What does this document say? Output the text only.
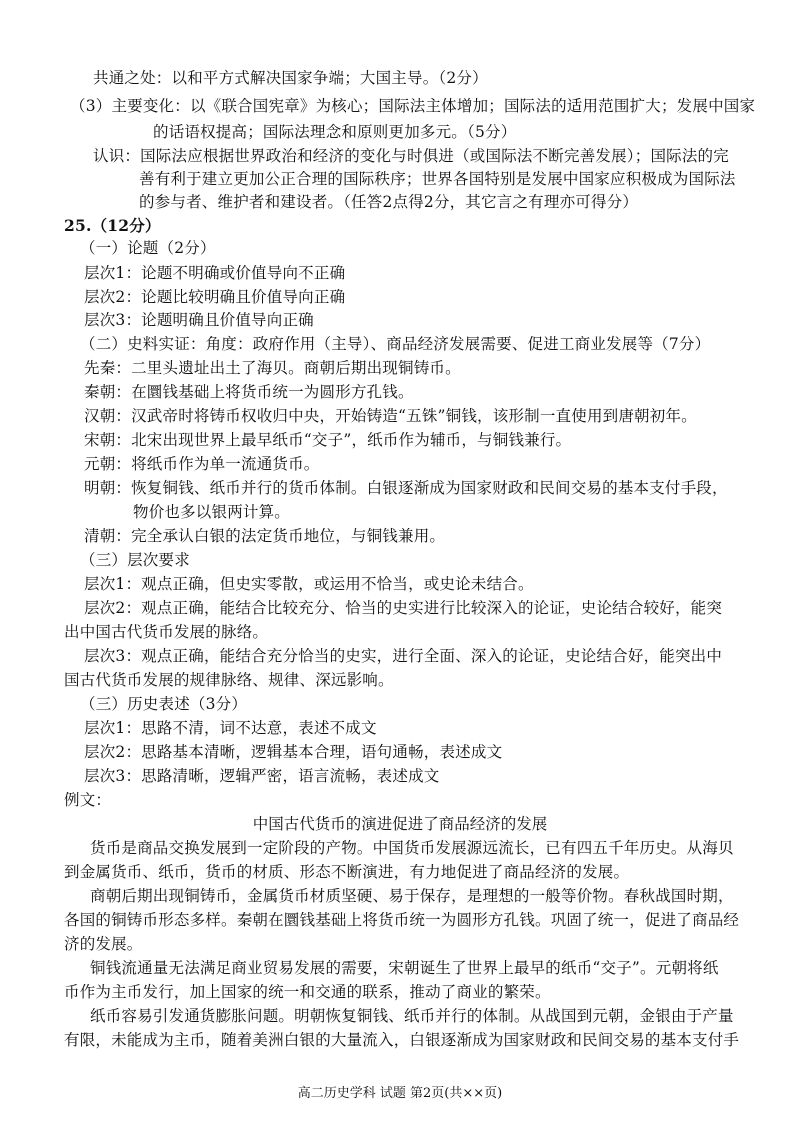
共通之处：以和平方式解决国家争端；大国主导。（2分）
（3）主要变化：以《联合国宪章》为核心；国际法主体增加；国际法的适用范围扩大；发展中国家
的话语权提高；国际法理念和原则更加多元。（5分）
认识：国际法应根据世界政治和经济的变化与时俱进（或国际法不断完善发展）；国际法的完
善有利于建立更加公正合理的国际秩序；世界各国特别是发展中国家应积极成为国际法
的参与者、维护者和建设者。（任答2点得2分，其它言之有理亦可得分）
25.（12分）
（一）论题（2分）
层次1：论题不明确或价值导向不正确
层次2：论题比较明确且价值导向正确
层次3：论题明确且价值导向正确
（二）史料实证：角度：政府作用（主导）、商品经济发展需要、促进工商业发展等（7分）
先秦：二里头遗址出土了海贝。商朝后期出现铜铸币。
秦朝：在圜钱基础上将货币统一为圆形方孔钱。
汉朝：汉武帝时将铸币权收归中央，开始铸造“五铢”铜钱，该形制一直使用到唐朝初年。
宋朝：北宋出现世界上最早纸币“交子”，纸币作为辅币，与铜钱兼行。
元朝：将纸币作为单一流通货币。
明朝：恢复铜钱、纸币并行的货币体制。白银逐渐成为国家财政和民间交易的基本支付手段，
物价也多以银两计算。
清朝：完全承认白银的法定货币地位，与铜钱兼用。
（三）层次要求
层次1：观点正确，但史实零散，或运用不恰当，或史论未结合。
层次2：观点正确，能结合比较充分、恰当的史实进行比较深入的论证，史论结合较好，能突
出中国古代货币发展的脉络。
层次3：观点正确，能结合充分恰当的史实，进行全面、深入的论证，史论结合好，能突出中
国古代货币发展的规律脉络、规律、深远影响。
（三）历史表述（3分）
层次1：思路不清，词不达意，表述不成文
层次2：思路基本清晰，逻辑基本合理，语句通畅，表述成文
层次3：思路清晰，逻辑严密，语言流畅，表述成文
例文：
中国古代货币的演进促进了商品经济的发展
货币是商品交换发展到一定阶段的产物。中国货币发展源远流长，已有四五千年历史。从海贝
到金属货币、纸币，货币的材质、形态不断演进，有力地促进了商品经济的发展。
商朝后期出现铜铸币，金属货币材质坚硬、易于保存，是理想的一般等价物。春秋战国时期，
各国的铜铸币形态多样。秦朝在圜钱基础上将货币统一为圆形方孔钱。巩固了统一，促进了商品经
济的发展。
铜钱流通量无法满足商业贸易发展的需要，宋朝诞生了世界上最早的纸币“交子”。元朝将纸
币作为主币发行，加上国家的统一和交通的联系，推动了商业的繁荣。
纸币容易引发通货膨胀问题。明朝恢复铜钱、纸币并行的体制。从战国到元朝，金银由于产量
有限，未能成为主币，随着美洲白银的大量流入，白银逐渐成为国家财政和民间交易的基本支付手
高二历史学科 试题 第2页(共××页)
